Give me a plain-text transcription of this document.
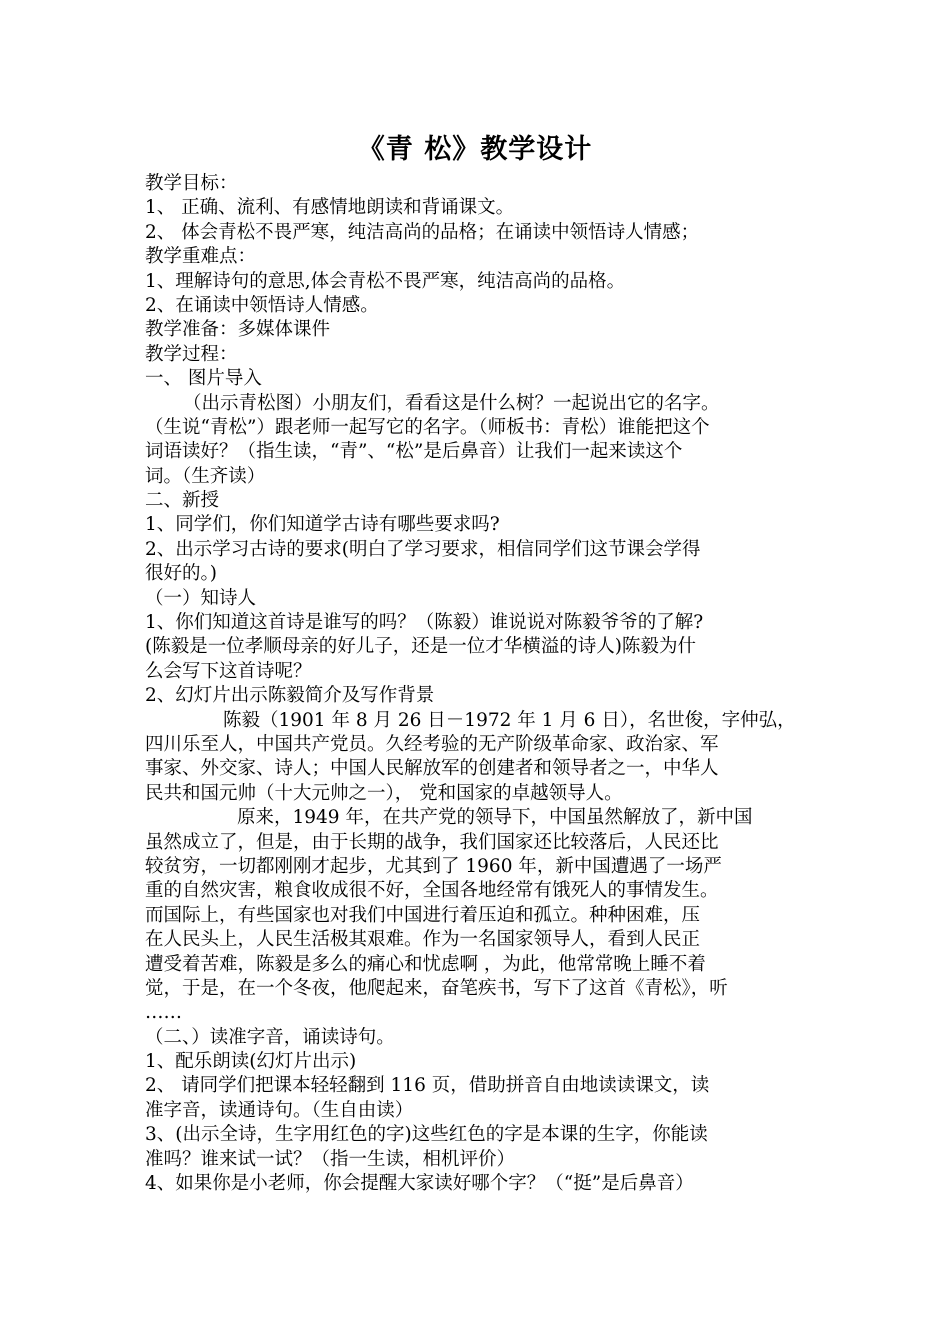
《青 松》教学设计
教学目标：
1、 正确、流利、有感情地朗读和背诵课文。
2、 体会青松不畏严寒，纯洁高尚的品格；在诵读中领悟诗人情感；
教学重难点：
1、理解诗句的意思,体会青松不畏严寒，纯洁高尚的品格。
2、在诵读中领悟诗人情感。
教学准备：多媒体课件
教学过程：
一、 图片导入
（出示青松图）小朋友们，看看这是什么树？一起说出它的名字。
（生说“青松”）跟老师一起写它的名字。（师板书：青松）谁能把这个
词语读好？（指生读，“青”、“松”是后鼻音）让我们一起来读这个
词。（生齐读）
二、新授
1、同学们，你们知道学古诗有哪些要求吗?
2、出示学习古诗的要求(明白了学习要求，相信同学们这节课会学得
很好的。)
（一）知诗人
1、你们知道这首诗是谁写的吗？（陈毅）谁说说对陈毅爷爷的了解?
(陈毅是一位孝顺母亲的好儿子，还是一位才华横溢的诗人)陈毅为什
么会写下这首诗呢？
2、幻灯片出示陈毅简介及写作背景
陈毅（1901 年 8 月 26 日－1972 年 1 月 6 日），名世俊，字仲弘，
四川乐至人，中国共产党员。久经考验的无产阶级革命家、政治家、军
事家、外交家、诗人；中国人民解放军的创建者和领导者之一，中华人
民共和国元帅（十大元帅之一）， 党和国家的卓越领导人。
原来，1949 年，在共产党的领导下，中国虽然解放了，新中国
虽然成立了，但是，由于长期的战争，我们国家还比较落后，人民还比
较贫穷，一切都刚刚才起步，尤其到了 1960 年，新中国遭遇了一场严
重的自然灾害，粮食收成很不好，全国各地经常有饿死人的事情发生。
而国际上，有些国家也对我们中国进行着压迫和孤立。种种困难，压
在人民头上，人民生活极其艰难。作为一名国家领导人，看到人民正
遭受着苦难，陈毅是多么的痛心和忧虑啊 ，为此，他常常晚上睡不着
觉，于是，在一个冬夜，他爬起来，奋笔疾书，写下了这首《青松》，听
……
（二、）读准字音，诵读诗句。
1、配乐朗读(幻灯片出示)
2、 请同学们把课本轻轻翻到 116 页，借助拼音自由地读读课文，读
准字音，读通诗句。（生自由读）
3、(出示全诗，生字用红色的字)这些红色的字是本课的生字，你能读
准吗？谁来试一试？（指一生读，相机评价）
4、如果你是小老师，你会提醒大家读好哪个字？（“挺”是后鼻音）
